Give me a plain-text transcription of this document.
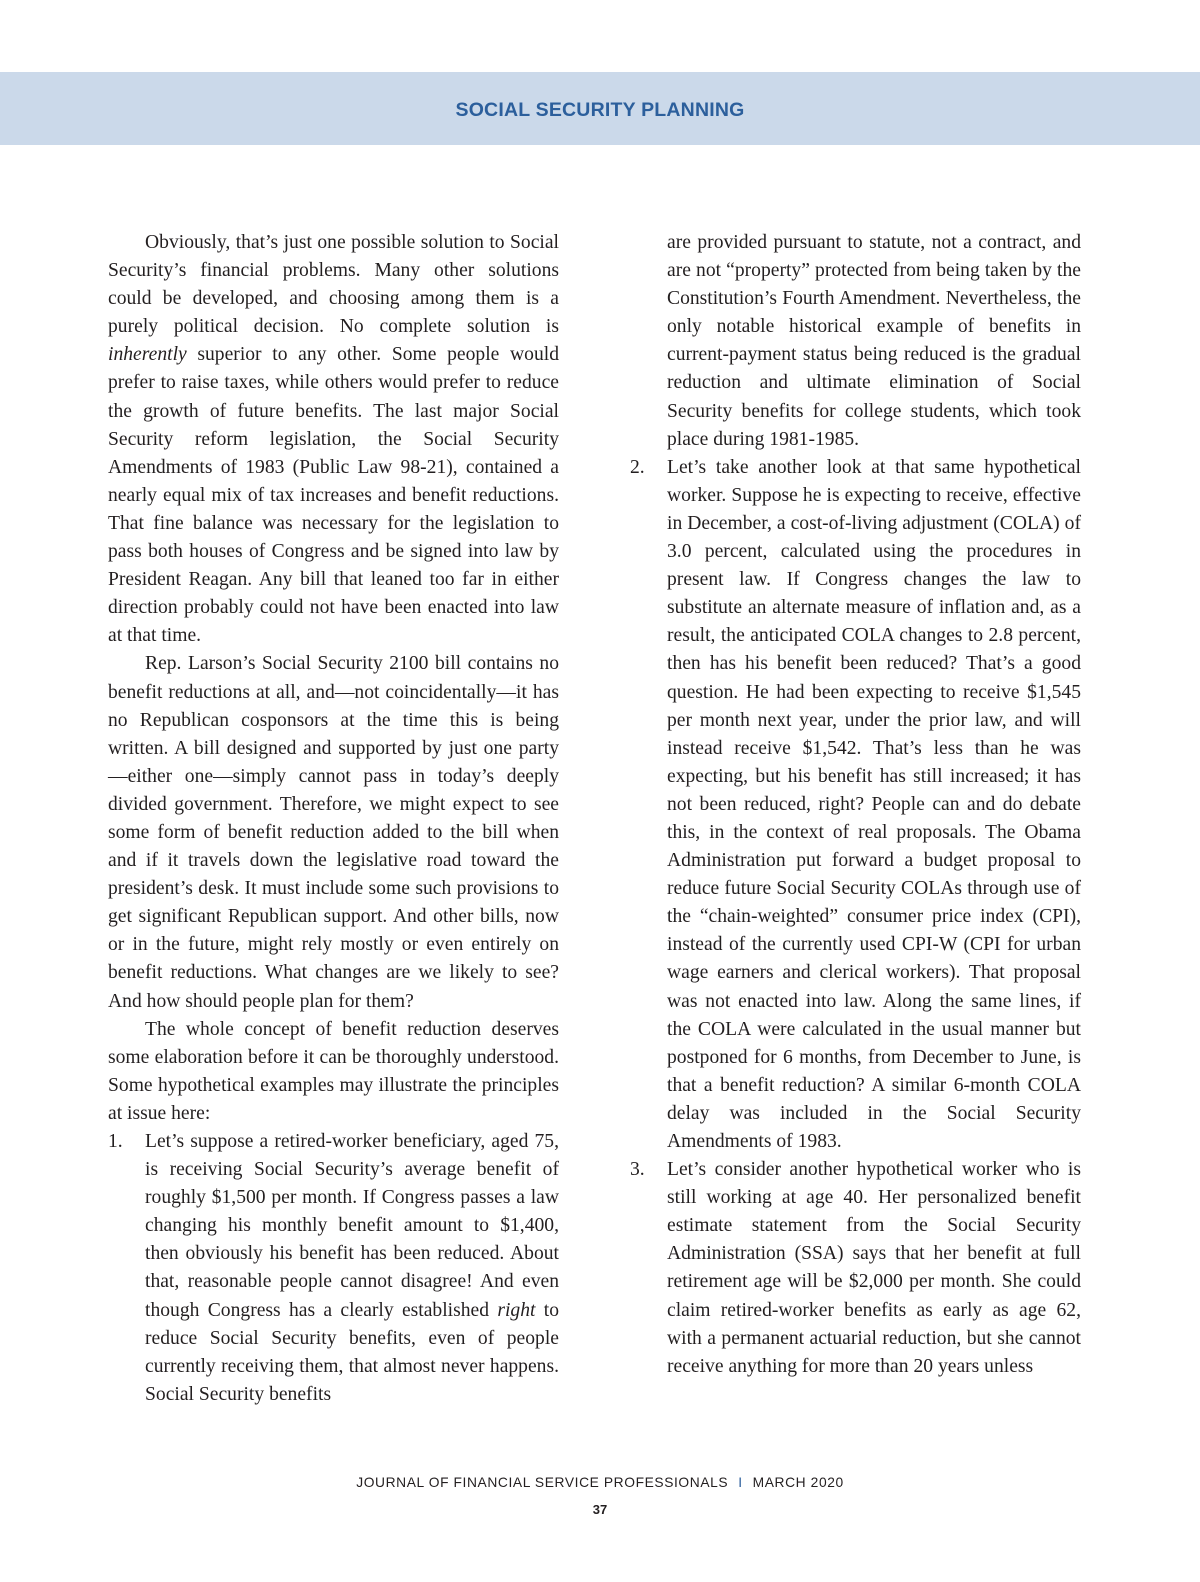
SOCIAL SECURITY PLANNING

Obviously, that’s just one possible solution to Social Security’s financial problems. Many other solutions could be developed, and choosing among them is a purely political decision. No complete solution is inherently superior to any other. Some people would prefer to raise taxes, while others would prefer to reduce the growth of future benefits. The last major Social Security reform legislation, the Social Security Amendments of 1983 (Public Law 98-21), contained a nearly equal mix of tax increases and benefit reductions. That fine balance was necessary for the legislation to pass both houses of Congress and be signed into law by President Reagan. Any bill that leaned too far in either direction probably could not have been enacted into law at that time.

Rep. Larson’s Social Security 2100 bill contains no benefit reductions at all, and—not coincidentally—it has no Republican cosponsors at the time this is being written. A bill designed and supported by just one party—either one—simply cannot pass in today’s deeply divided government. Therefore, we might expect to see some form of benefit reduction added to the bill when and if it travels down the legislative road toward the president’s desk. It must include some such provisions to get significant Republican support. And other bills, now or in the future, might rely mostly or even entirely on benefit reductions. What changes are we likely to see? And how should people plan for them?

The whole concept of benefit reduction deserves some elaboration before it can be thoroughly understood. Some hypothetical examples may illustrate the principles at issue here:

1. Let’s suppose a retired-worker beneficiary, aged 75, is receiving Social Security’s average benefit of roughly $1,500 per month. If Congress passes a law changing his monthly benefit amount to $1,400, then obviously his benefit has been reduced. About that, reasonable people cannot disagree! And even though Congress has a clearly established right to reduce Social Security benefits, even of people currently receiving them, that almost never happens. Social Security benefits

are provided pursuant to statute, not a contract, and are not “property” protected from being taken by the Constitution’s Fourth Amendment. Nevertheless, the only notable historical example of benefits in current-payment status being reduced is the gradual reduction and ultimate elimination of Social Security benefits for college students, which took place during 1981-1985.

2. Let’s take another look at that same hypothetical worker. Suppose he is expecting to receive, effective in December, a cost-of-living adjustment (COLA) of 3.0 percent, calculated using the procedures in present law. If Congress changes the law to substitute an alternate measure of inflation and, as a result, the anticipated COLA changes to 2.8 percent, then has his benefit been reduced? That’s a good question. He had been expecting to receive $1,545 per month next year, under the prior law, and will instead receive $1,542. That’s less than he was expecting, but his benefit has still increased; it has not been reduced, right? People can and do debate this, in the context of real proposals. The Obama Administration put forward a budget proposal to reduce future Social Security COLAs through use of the “chain-weighted” consumer price index (CPI), instead of the currently used CPI-W (CPI for urban wage earners and clerical workers). That proposal was not enacted into law. Along the same lines, if the COLA were calculated in the usual manner but postponed for 6 months, from December to June, is that a benefit reduction? A similar 6-month COLA delay was included in the Social Security Amendments of 1983.

3. Let’s consider another hypothetical worker who is still working at age 40. Her personalized benefit estimate statement from the Social Security Administration (SSA) says that her benefit at full retirement age will be $2,000 per month. She could claim retired-worker benefits as early as age 62, with a permanent actuarial reduction, but she cannot receive anything for more than 20 years unless

JOURNAL OF FINANCIAL SERVICE PROFESSIONALS I MARCH 2020
37
